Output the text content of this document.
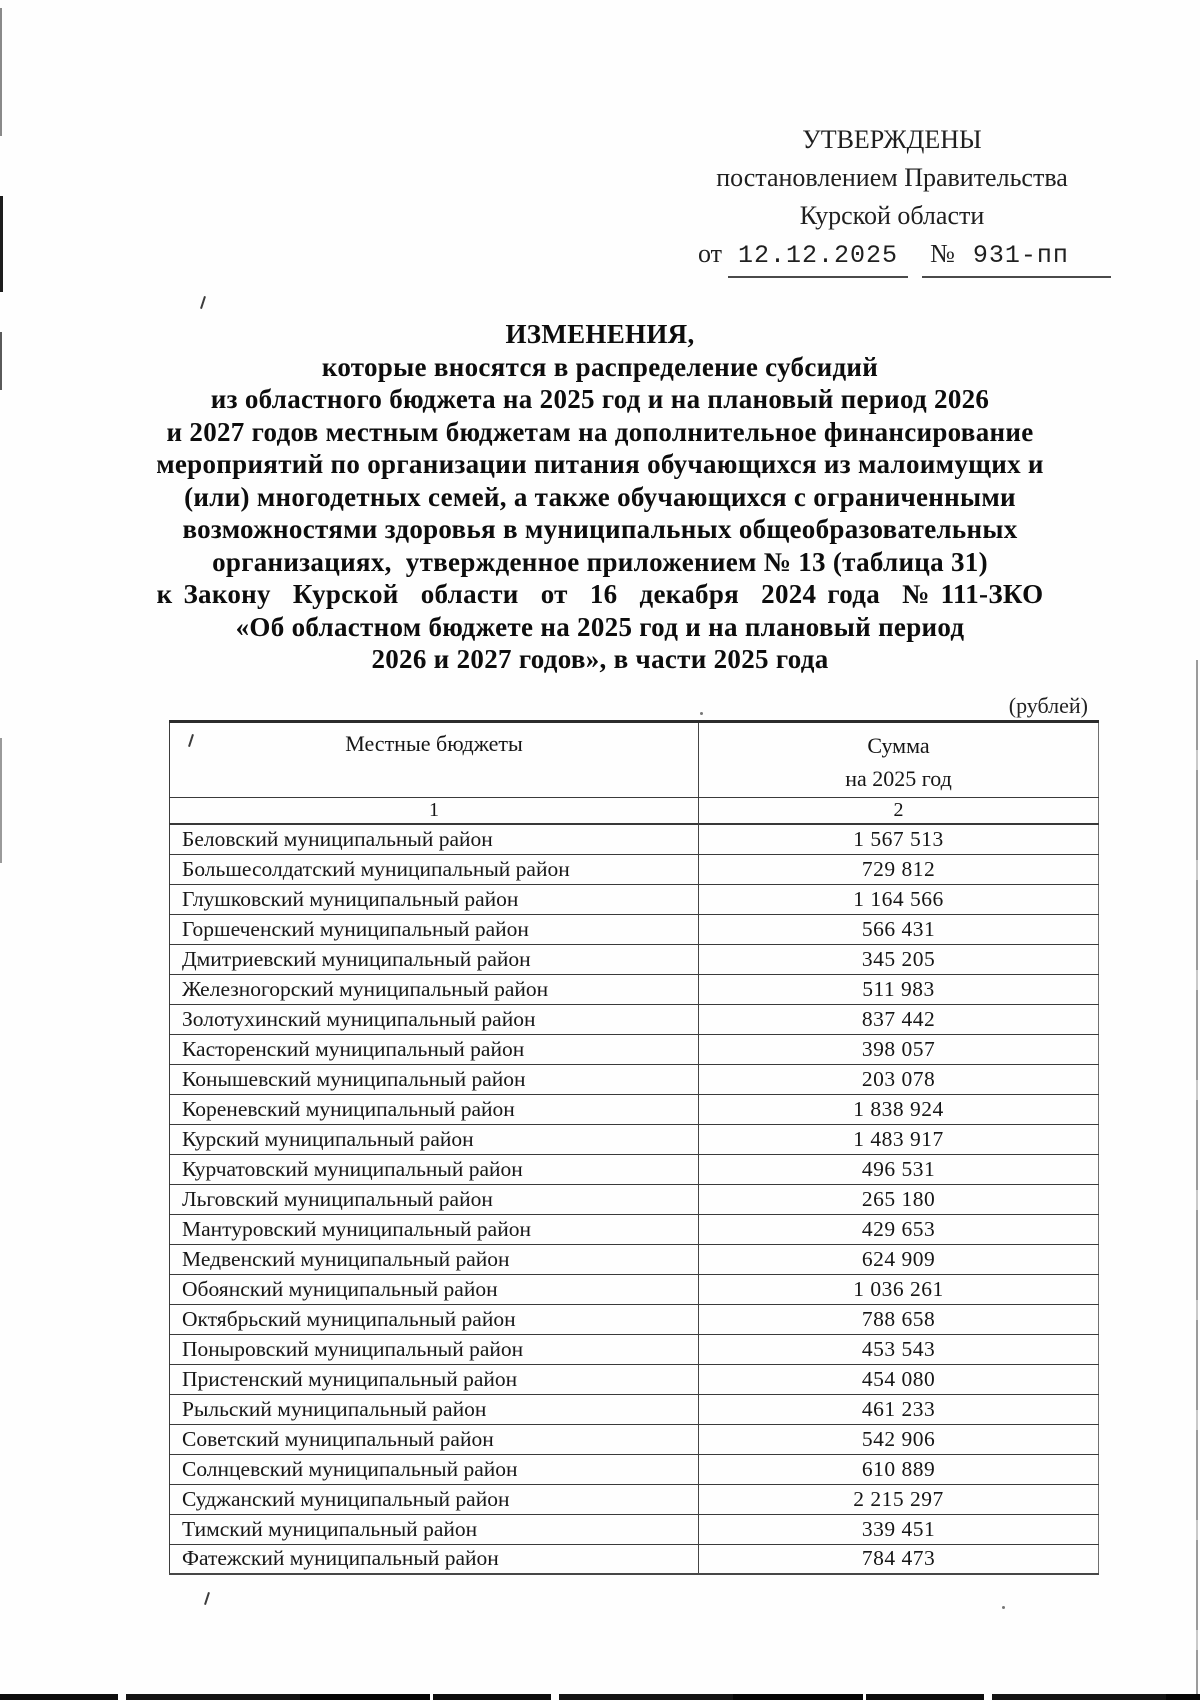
УТВЕРЖДЕНЫ
постановлением Правительства
Курской области
от 12.12.2025 № 931-пп
ИЗМЕНЕНИЯ,
которые вносятся в распределение субсидий
из областного бюджета на 2025 год и на плановый период 2026
и 2027 годов местным бюджетам на дополнительное финансирование
мероприятий по организации питания обучающихся из малоимущих и
(или) многодетных семей, а также обучающихся с ограниченными
возможностями здоровья в муниципальных общеобразовательных
организациях,  утвержденное приложением № 13 (таблица 31)
к Закону  Курской  области  от  16  декабря  2024 года  № 111-ЗКО
«Об областном бюджете на 2025 год и на плановый период
2026 и 2027 годов», в части 2025 года
(рублей)
Местные бюджеты	Сумма
на 2025 год

1	2
Беловский муниципальный район	1 567 513
Большесолдатский муниципальный район	729 812
Глушковский муниципальный район	1 164 566
Горшеченский муниципальный район	566 431
Дмитриевский муниципальный район	345 205
Железногорский муниципальный район	511 983
Золотухинский муниципальный район	837 442
Касторенский муниципальный район	398 057
Конышевский муниципальный район	203 078
Кореневский муниципальный район	1 838 924
Курский муниципальный район	1 483 917
Курчатовский муниципальный район	496 531
Льговский муниципальный район	265 180
Мантуровский муниципальный район	429 653
Медвенский муниципальный район	624 909
Обоянский муниципальный район	1 036 261
Октябрьский муниципальный район	788 658
Поныровский муниципальный район	453 543
Пристенский муниципальный район	454 080
Рыльский муниципальный район	461 233
Советский муниципальный район	542 906
Солнцевский муниципальный район	610 889
Суджанский муниципальный район	2 215 297
Тимский муниципальный район	339 451
Фатежский муниципальный район	784 473
